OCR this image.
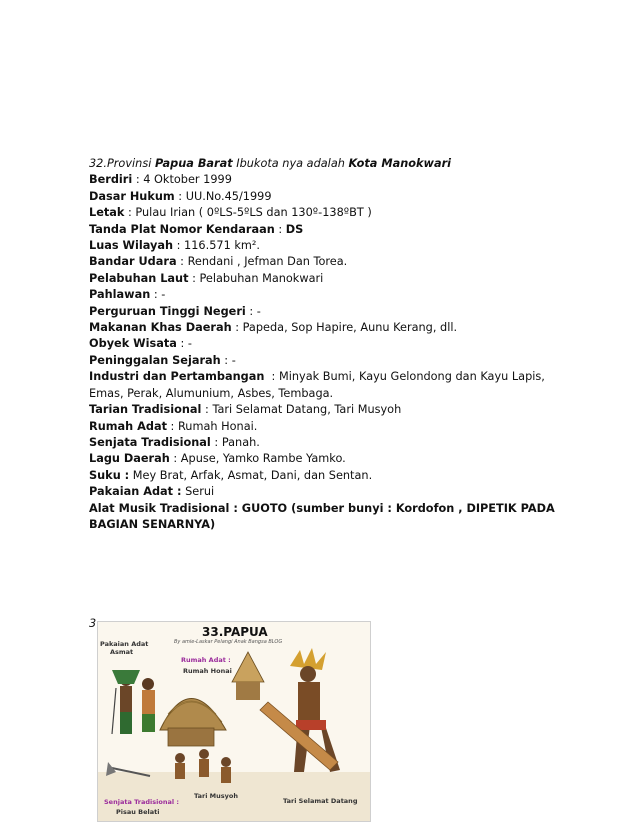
32.Provinsi Papua Barat Ibukota nya adalah Kota Manokwari
Berdiri : 4 Oktober 1999
Dasar Hukum : UU.No.45/1999
Letak : Pulau Irian ( 0ºLS-5ºLS dan 130º-138ºBT )
Tanda Plat Nomor Kendaraan : DS
Luas Wilayah : 116.571 km².
Bandar Udara : Rendani , Jefman Dan Torea.
Pelabuhan Laut : Pelabuhan Manokwari
Pahlawan : -
Perguruan Tinggi Negeri : -
Makanan Khas Daerah : Papeda, Sop Hapire, Aunu Kerang, dll.
Obyek Wisata : -
Peninggalan Sejarah : -
Industri dan Pertambangan  : Minyak Bumi, Kayu Gelondong dan Kayu Lapis, Emas, Perak, Alumunium, Asbes, Tembaga.
Tarian Tradisional : Tari Selamat Datang, Tari Musyoh
Rumah Adat : Rumah Honai.
Senjata Tradisional : Panah.
Lagu Daerah : Apuse, Yamko Rambe Yamko.
Suku : Mey Brat, Arfak, Asmat, Dani, dan Sentan.
Pakaian Adat : Serui
Alat Musik Tradisional : GUOTO (sumber bunyi : Kordofon , DIPETIK PADA BAGIAN SENARNYA)
3
33.PAPUA
By amie-Laskar Pelangi Anak Bangsa BLOG
Pakaian Adat
Asmat
Rumah Adat :
Rumah Honai
Senjata Tradisional :
Pisau Belati
Tari Musyoh
Tari Selamat Datang
